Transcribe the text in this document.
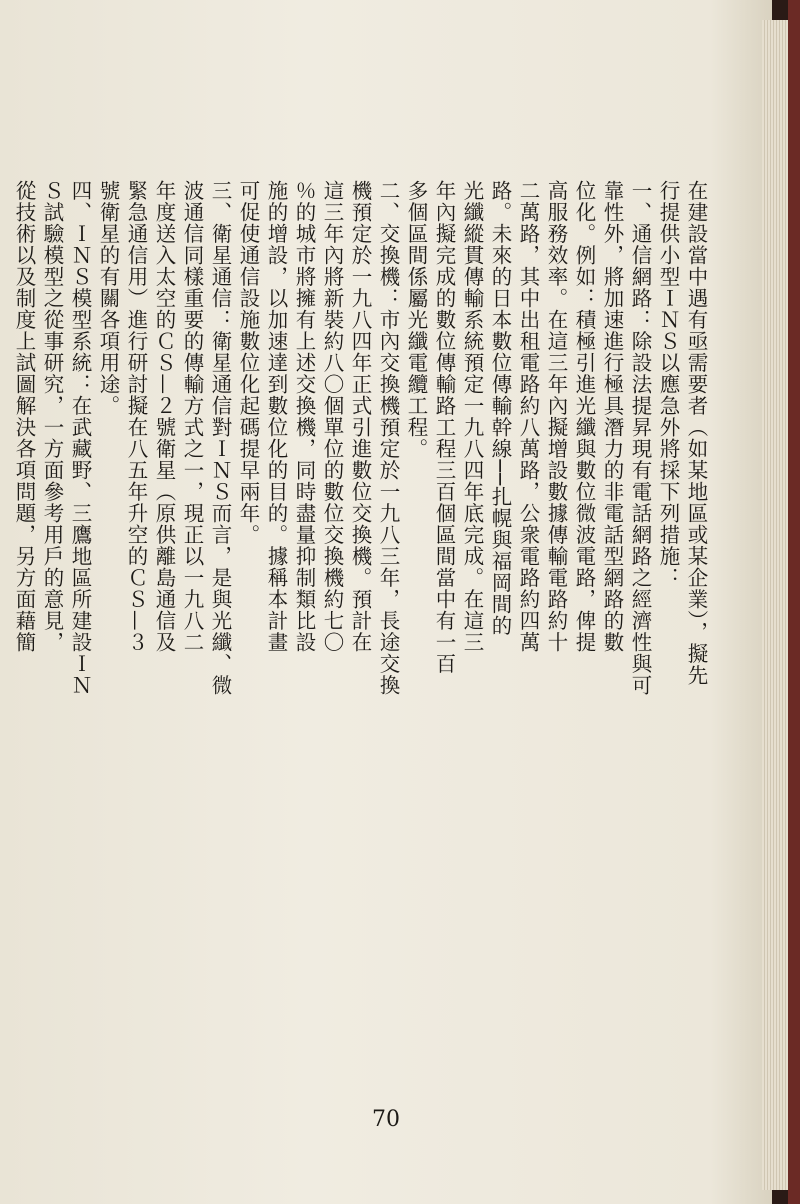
在建設當中遇有亟需要者（如某地區或某企業），擬先
行提供小型ＩＮＳ以應急外將採下列措施：
一、通信網路：除設法提昇現有電話網路之經濟性與可
靠性外，將加速進行極具潛力的非電話型網路的數
位化。例如：積極引進光纖與數位微波電路，俾提
高服務效率。在這三年內擬增設數據傳輸電路約十
二萬路，其中出租電路約八萬路，公衆電路約四萬
路。未來的日本數位傳輸幹線──扎幌與福岡間的
光纖縱貫傳輸系統預定一九八四年底完成。在這三
年內擬完成的數位傳輸路工程三百個區間當中有一百
多個區間係屬光纖電纜工程。
二、交換機：市內交換機預定於一九八三年，長途交換
機預定於一九八四年正式引進數位交換機。預計在
這三年內將新裝約八〇個單位的數位交換機約七〇
％的城市將擁有上述交換機，同時盡量抑制類比設
施的增設，以加速達到數位化的目的。據稱本計畫
可促使通信設施數位化起碼提早兩年。
三、衛星通信：衛星通信對ＩＮＳ而言，是與光纖、微
波通信同樣重要的傳輸方式之一，現正以一九八二
年度送入太空的ＣＳ—２號衛星（原供離島通信及
緊急通信用）進行研討擬在八五年升空的ＣＳ—３
號衛星的有關各項用途。
四、ＩＮＳ模型系統：在武藏野、三鷹地區所建設ＩＮ
Ｓ試驗模型之從事研究，一方面參考用戶的意見，
從技術以及制度上試圖解決各項問題，另方面藉簡
70
